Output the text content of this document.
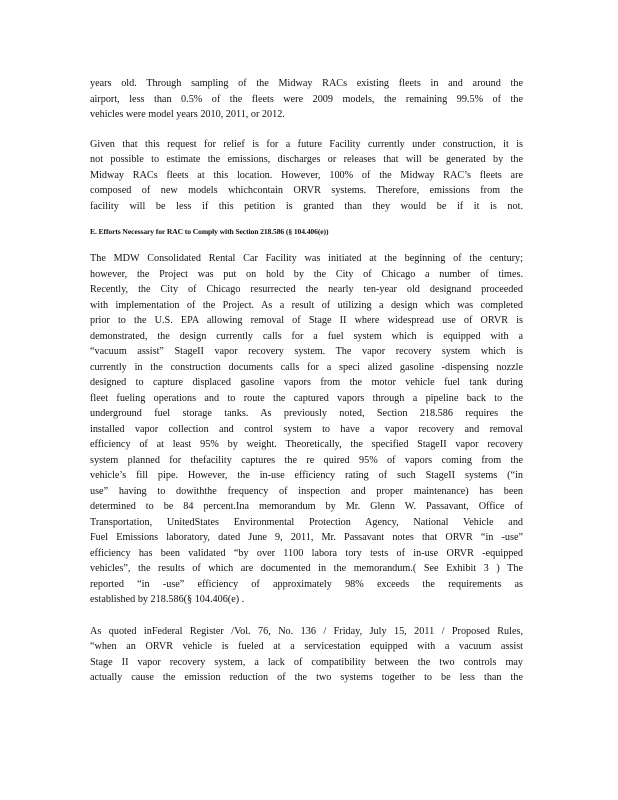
years old. Through sampling of the Midway RACs existing fleets in and around the
airport, less than 0.5% of the fleets were 2009 models, the remaining 99.5% of the
vehicles were model years 2010, 2011, or 2012.

Given that this request for relief is for a future Facility currently under construction, it is
not possible to estimate the emissions, discharges or releases that will be generated by the
Midway RACs fleets at this location. However, 100% of the Midway RAC’s fleets are
composed of new models whichcontain ORVR systems. Therefore, emissions from the
facility will be less if this petition is granted than they would be if it is not.

E. Efforts Necessary for RAC to Comply with Section 218.586 (§ 104.406(e))

The MDW Consolidated Rental Car Facility was initiated at the beginning of the century;
however, the Project was put on hold by the City of Chicago a number of times.
Recently, the City of Chicago resurrected the nearly ten-year old designand proceeded
with implementation of the Project. As a result of utilizing a design which was completed
prior to the U.S. EPA allowing removal of Stage II where widespread use of ORVR is
demonstrated, the design currently calls for a fuel system which is equipped with a
“vacuum assist” StageII vapor recovery system. The vapor recovery system which is
currently in the construction documents calls for a speci alized gasoline -dispensing nozzle
designed to capture displaced gasoline vapors from the motor vehicle fuel tank during
fleet fueling operations and to route the captured vapors through a pipeline back to the
underground fuel storage tanks. As previously noted, Section 218.586 requires the
installed vapor collection and control system to have a vapor recovery and removal
efficiency of at least 95% by weight. Theoretically, the specified StageII vapor recovery
system planned for thefacility captures the re quired 95% of vapors coming from the
vehicle’s fill pipe. However, the in-use efficiency rating of such StageII systems (“in
use” having to dowiththe frequency of inspection and proper maintenance) has been
determined to be 84 percent.Ina memorandum by Mr. Glenn W. Passavant, Office of
Transportation, UnitedStates Environmental Protection Agency, National Vehicle and
Fuel Emissions laboratory, dated June 9, 2011, Mr. Passavant notes that ORVR “in -use”
efficiency has been validated “by over 1100 labora tory tests of in-use ORVR -equipped
vehicles”, the results of which are documented in the memorandum.( See Exhibit 3 ) The
reported “in -use” efficiency of approximately 98% exceeds the requirements as
established by 218.586(§ 104.406(e) .

As quoted inFederal Register /Vol. 76, No. 136 / Friday, July 15, 2011 / Proposed Rules,
“when an ORVR vehicle is fueled at a servicestation equipped with a vacuum assist
Stage II vapor recovery system, a lack of compatibility between the two controls may
actually cause the emission reduction of the two systems together to be less than the
